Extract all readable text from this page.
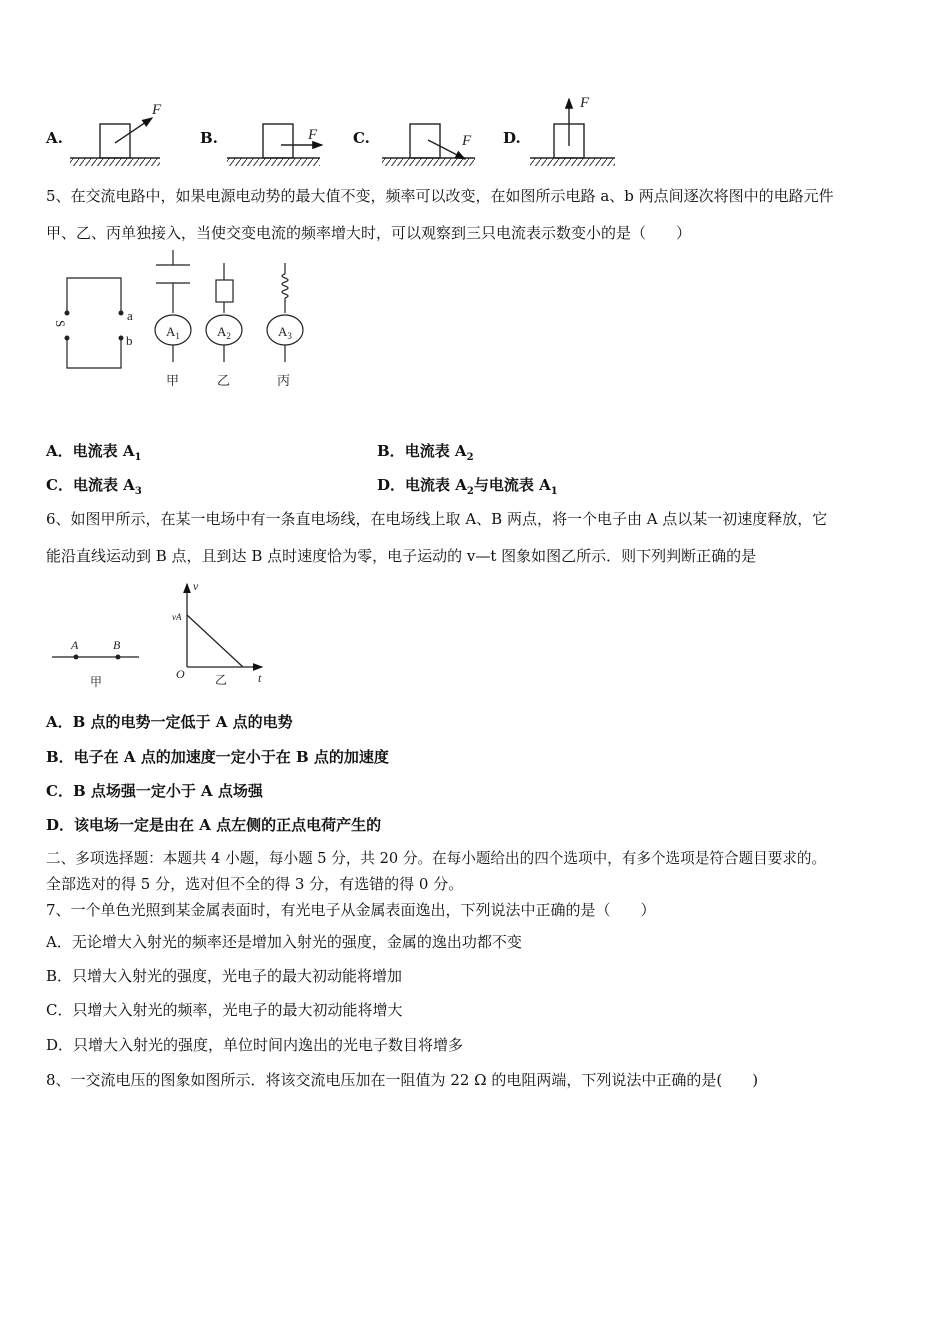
A.	B.	C.	D.
F
F	F
F
5、在交流电路中，如果电源电动势的最大值不变，频率可以改变，在如图所示电路 a、b 两点间逐次将图中的电路元件
甲、乙、丙单独接入，当使交变电流的频率增大时，可以观察到三只电流表示数变小的是（　　）
S
a
b
$A_1$	$A_2$	$A_3$
甲	乙	丙
A．电流表 $A_1$	B．电流表 $A_2$
C．电流表 $A_3$	D．电流表 $A_2$与电流表 $A_1$
6、如图甲所示，在某一电场中有一条直电场线，在电场线上取 A、B 两点，将一个电子由 A 点以某一初速度释放，它
能沿直线运动到 B 点，且到达 B 点时速度恰为零，电子运动的 v—t 图象如图乙所示．则下列判断正确的是
A	B
v
vA
O	t
甲	乙
A．B 点的电势一定低于 A 点的电势
B．电子在 A 点的加速度一定小于在 B 点的加速度
C．B 点场强一定小于 A 点场强
D．该电场一定是由在 A 点左侧的正点电荷产生的
二、多项选择题：本题共 4 小题，每小题 5 分，共 20 分。在每小题给出的四个选项中，有多个选项是符合题目要求的。
全部选对的得 5 分，选对但不全的得 3 分，有选错的得 0 分。
7、一个单色光照到某金属表面时，有光电子从金属表面逸出，下列说法中正确的是（　　）
A．无论增大入射光的频率还是增加入射光的强度，金属的逸出功都不变
B．只增大入射光的强度，光电子的最大初动能将增加
C．只增大入射光的频率，光电子的最大初动能将增大
D．只增大入射光的强度，单位时间内逸出的光电子数目将增多
8、一交流电压的图象如图所示．将该交流电压加在一阻值为 22 Ω 的电阻两端，下列说法中正确的是(　　)
